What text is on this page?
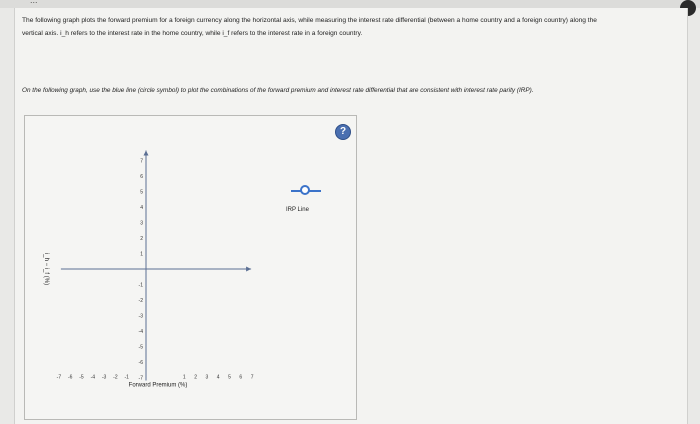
...
The following graph plots the forward premium for a foreign currency along the horizontal axis, while measuring the interest rate differential (between a home country and a foreign country) along the vertical axis. i_h refers to the interest rate in the home country, while i_f refers to the interest rate in a foreign country.
On the following graph, use the blue line (circle symbol) to plot the combinations of the forward premium and interest rate differential that are consistent with interest rate parity (IRP).
?
7
6
5
4
3
2
1
-1
-2
-3
-4
-5
-6
-7
-7 -6 -5 -4 -3 -2 -1	1 2 3 4 5 6 7
Forward Premium (%)
i_h − i_f (%)
IRP Line
